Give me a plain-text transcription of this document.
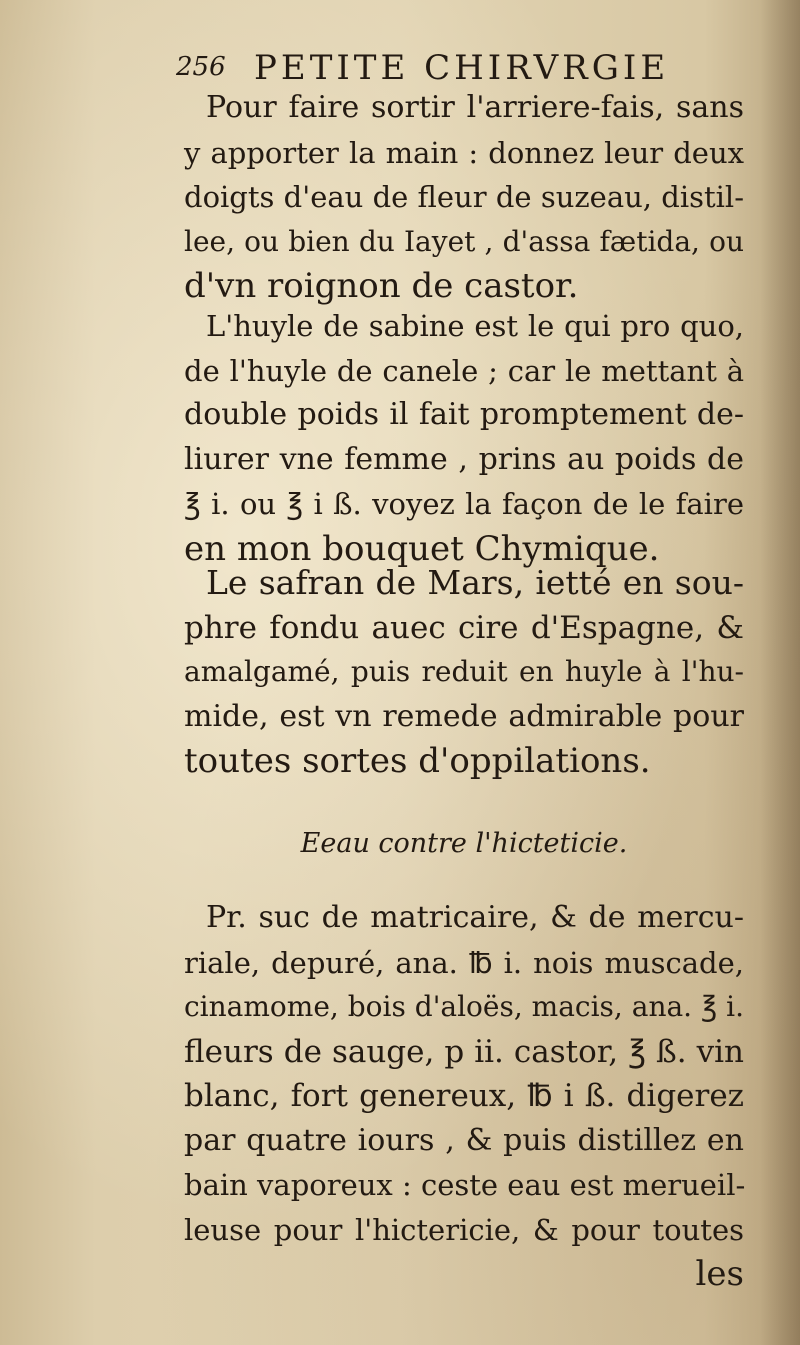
256 PETITE CHIRVRGIE
Pour faire sortir l'arriere-fais, sans
y apporter la main : donnez leur deux
doigts d'eau de fleur de suzeau, distil-
lee, ou bien du Iayet , d'assa fætida, ou
d'vn roignon de castor.
L'huyle de sabine est le qui pro quo,
de l'huyle de canele ; car le mettant à
double poids il fait promptement de-
liurer vne femme , prins au poids de
℥ i. ou ℥ i ß. voyez la façon de le faire
en mon bouquet Chymique.
Le safran de Mars, ietté en sou-
phre fondu auec cire d'Espagne, &
amalgamé, puis reduit en huyle à l'hu-
mide, est vn remede admirable pour
toutes sortes d'oppilations.
Eeau contre l'hicteticie.
Pr. suc de matricaire, & de mercu-
riale, depuré, ana. ℔ i. nois muscade,
cinamome, bois d'aloës, macis, ana. ℥ i.
fleurs de sauge, p ii. castor, ℥ ß. vin
blanc, fort genereux, ℔ i ß. digerez
par quatre iours , & puis distillez en
bain vaporeux : ceste eau est merueil-
leuse pour l'hictericie, & pour toutes
les
